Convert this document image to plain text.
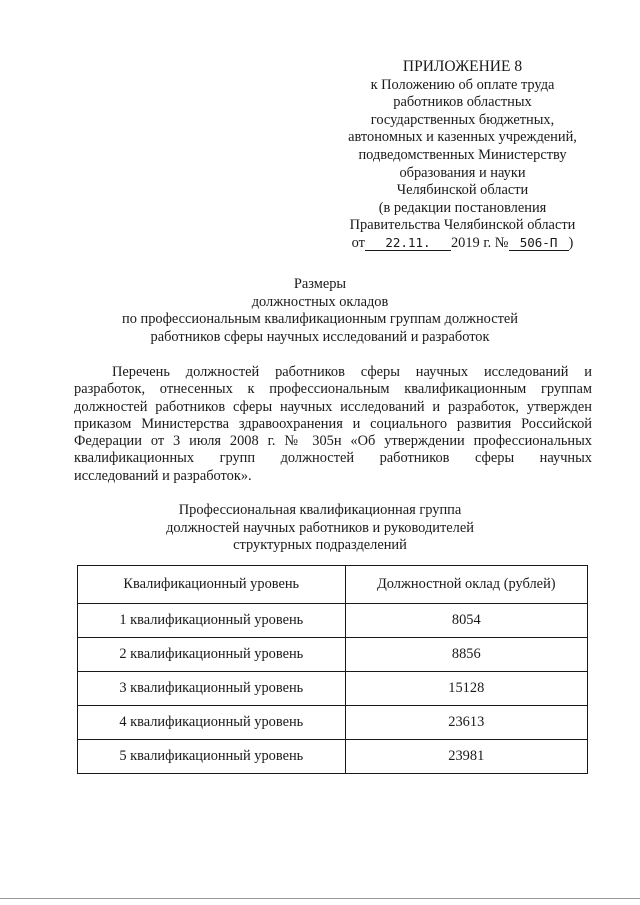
ПРИЛОЖЕНИЕ 8
к Положению об оплате труда
работников областных
государственных бюджетных,
автономных и казенных учреждений,
подведомственных Министерству
образования и науки
Челябинской области
(в редакции постановления
Правительства Челябинской области
от 22.11. 2019 г. № 506-П )
Размеры
должностных окладов
по профессиональным квалификационным группам должностей
работников сферы научных исследований и разработок
Перечень должностей работников сферы научных исследований и
разработок, отнесенных к профессиональным квалификационным группам
должностей работников сферы научных исследований и разработок, утвержден
приказом Министерства здравоохранения и социального развития Российской
Федерации от 3 июля 2008 г. № 305н «Об утверждении профессиональных
квалификационных групп должностей работников сферы научных
исследований и разработок».
Профессиональная квалификационная группа
должностей научных работников и руководителей
структурных подразделений
Квалификационный уровень	Должностной оклад (рублей)
1 квалификационный уровень	8054
2 квалификационный уровень	8856
3 квалификационный уровень	15128
4 квалификационный уровень	23613
5 квалификационный уровень	23981
